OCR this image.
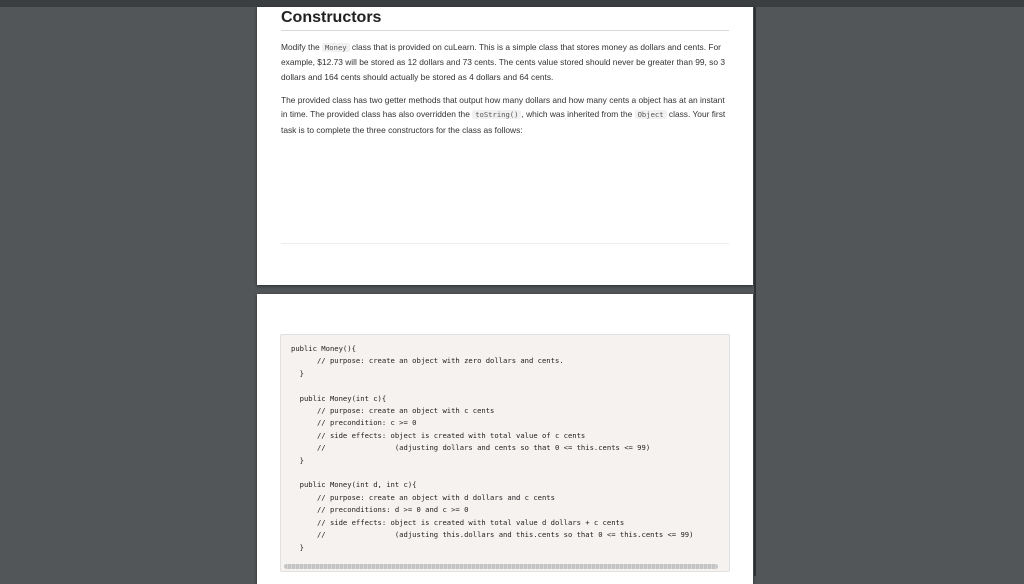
Constructors

Modify the Money class that is provided on cuLearn. This is a simple class that stores money as dollars and cents. For example, $12.73 will be stored as 12 dollars and 73 cents. The cents value stored should never be greater than 99, so 3 dollars and 164 cents should actually be stored as 4 dollars and 64 cents.

The provided class has two getter methods that output how many dollars and how many cents a object has at an instant in time. The provided class has also overridden the toString() , which was inherited from the Object class. Your first task is to complete the three constructors for the class as follows:

public Money(){
// purpose: create an object with zero dollars and cents.
}

public Money(int c){
// purpose: create an object with c cents
// precondition: c >= 0
// side effects: object is created with total value of c cents
//                (adjusting dollars and cents so that 0 <= this.cents <= 99)
}

public Money(int d, int c){
// purpose: create an object with d dollars and c cents
// preconditions: d >= 0 and c >= 0
// side effects: object is created with total value d dollars + c cents
//                (adjusting this.dollars and this.cents so that 0 <= this.cents <= 99)
}
